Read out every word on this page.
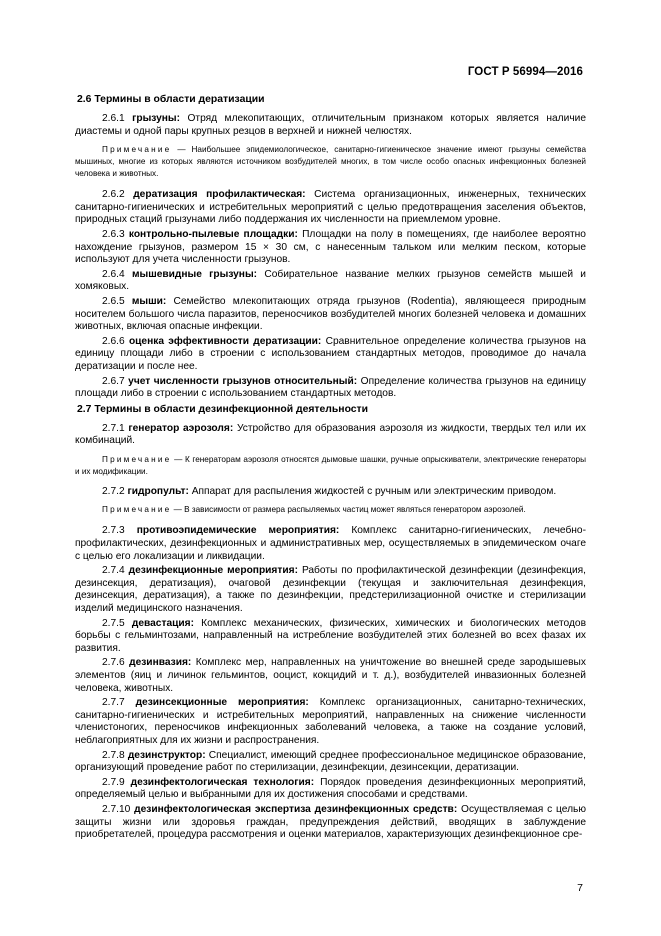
ГОСТ Р 56994—2016

2.6 Термины в области дератизации

2.6.1 грызуны: Отряд млекопитающих, отличительным признаком которых является наличие диастемы и одной пары крупных резцов в верхней и нижней челюстях.

Примечание — Наибольшее эпидемиологическое, санитарно-гигиеническое значение имеют грызуны семейства мышиных, многие из которых являются источником возбудителей многих, в том числе особо опасных инфекционных болезней человека и животных.

2.6.2 дератизация профилактическая: Система организационных, инженерных, технических санитарно-гигиенических и истребительных мероприятий с целью предотвращения заселения объектов, природных стаций грызунами либо поддержания их численности на приемлемом уровне.

2.6.3 контрольно-пылевые площадки: Площадки на полу в помещениях, где наиболее вероятно нахождение грызунов, размером 15 × 30 см, с нанесенным тальком или мелким песком, которые используют для учета численности грызунов.

2.6.4 мышевидные грызуны: Собирательное название мелких грызунов семейств мышей и хомяковых.

2.6.5 мыши: Семейство млекопитающих отряда грызунов (Rodentia), являющееся природным носителем большого числа паразитов, переносчиков возбудителей многих болезней человека и домашних животных, включая опасные инфекции.

2.6.6 оценка эффективности дератизации: Сравнительное определение количества грызунов на единицу площади либо в строении с использованием стандартных методов, проводимое до начала дератизации и после нее.

2.6.7 учет численности грызунов относительный: Определение количества грызунов на единицу площади либо в строении с использованием стандартных методов.

2.7 Термины в области дезинфекционной деятельности

2.7.1 генератор аэрозоля: Устройство для образования аэрозоля из жидкости, твердых тел или их комбинаций.

Примечание — К генераторам аэрозоля относятся дымовые шашки, ручные опрыскиватели, электрические генераторы и их модификации.

2.7.2 гидропульт: Аппарат для распыления жидкостей с ручным или электрическим приводом.

Примечание — В зависимости от размера распыляемых частиц может являться генератором аэрозолей.

2.7.3 противоэпидемические мероприятия: Комплекс санитарно-гигиенических, лечебно-профилактических, дезинфекционных и административных мер, осуществляемых в эпидемическом очаге с целью его локализации и ликвидации.

2.7.4 дезинфекционные мероприятия: Работы по профилактической дезинфекции (дезинфекция, дезинсекция, дератизация), очаговой дезинфекции (текущая и заключительная дезинфекция, дезинсекция, дератизация), а также по дезинфекции, предстерилизационной очистке и стерилизации изделий медицинского назначения.

2.7.5 девастация: Комплекс механических, физических, химических и биологических методов борьбы с гельминтозами, направленный на истребление возбудителей этих болезней во всех фазах их развития.

2.7.6 дезинвазия: Комплекс мер, направленных на уничтожение во внешней среде зародышевых элементов (яиц и личинок гельминтов, ооцист, кокцидий и т. д.), возбудителей инвазионных болезней человека, животных.

2.7.7 дезинсекционные мероприятия: Комплекс организационных, санитарно-технических, санитарно-гигиенических и истребительных мероприятий, направленных на снижение численности членистоногих, переносчиков инфекционных заболеваний человека, а также на создание условий, неблагоприятных для их жизни и распространения.

2.7.8 дезинструктор: Специалист, имеющий среднее профессиональное медицинское образование, организующий проведение работ по стерилизации, дезинфекции, дезинсекции, дератизации.

2.7.9 дезинфектологическая технология: Порядок проведения дезинфекционных мероприятий, определяемый целью и выбранными для их достижения способами и средствами.

2.7.10 дезинфектологическая экспертиза дезинфекционных средств: Осуществляемая с целью защиты жизни или здоровья граждан, предупреждения действий, вводящих в заблуждение приобретателей, процедура рассмотрения и оценки материалов, характеризующих дезинфекционное сре-

7
